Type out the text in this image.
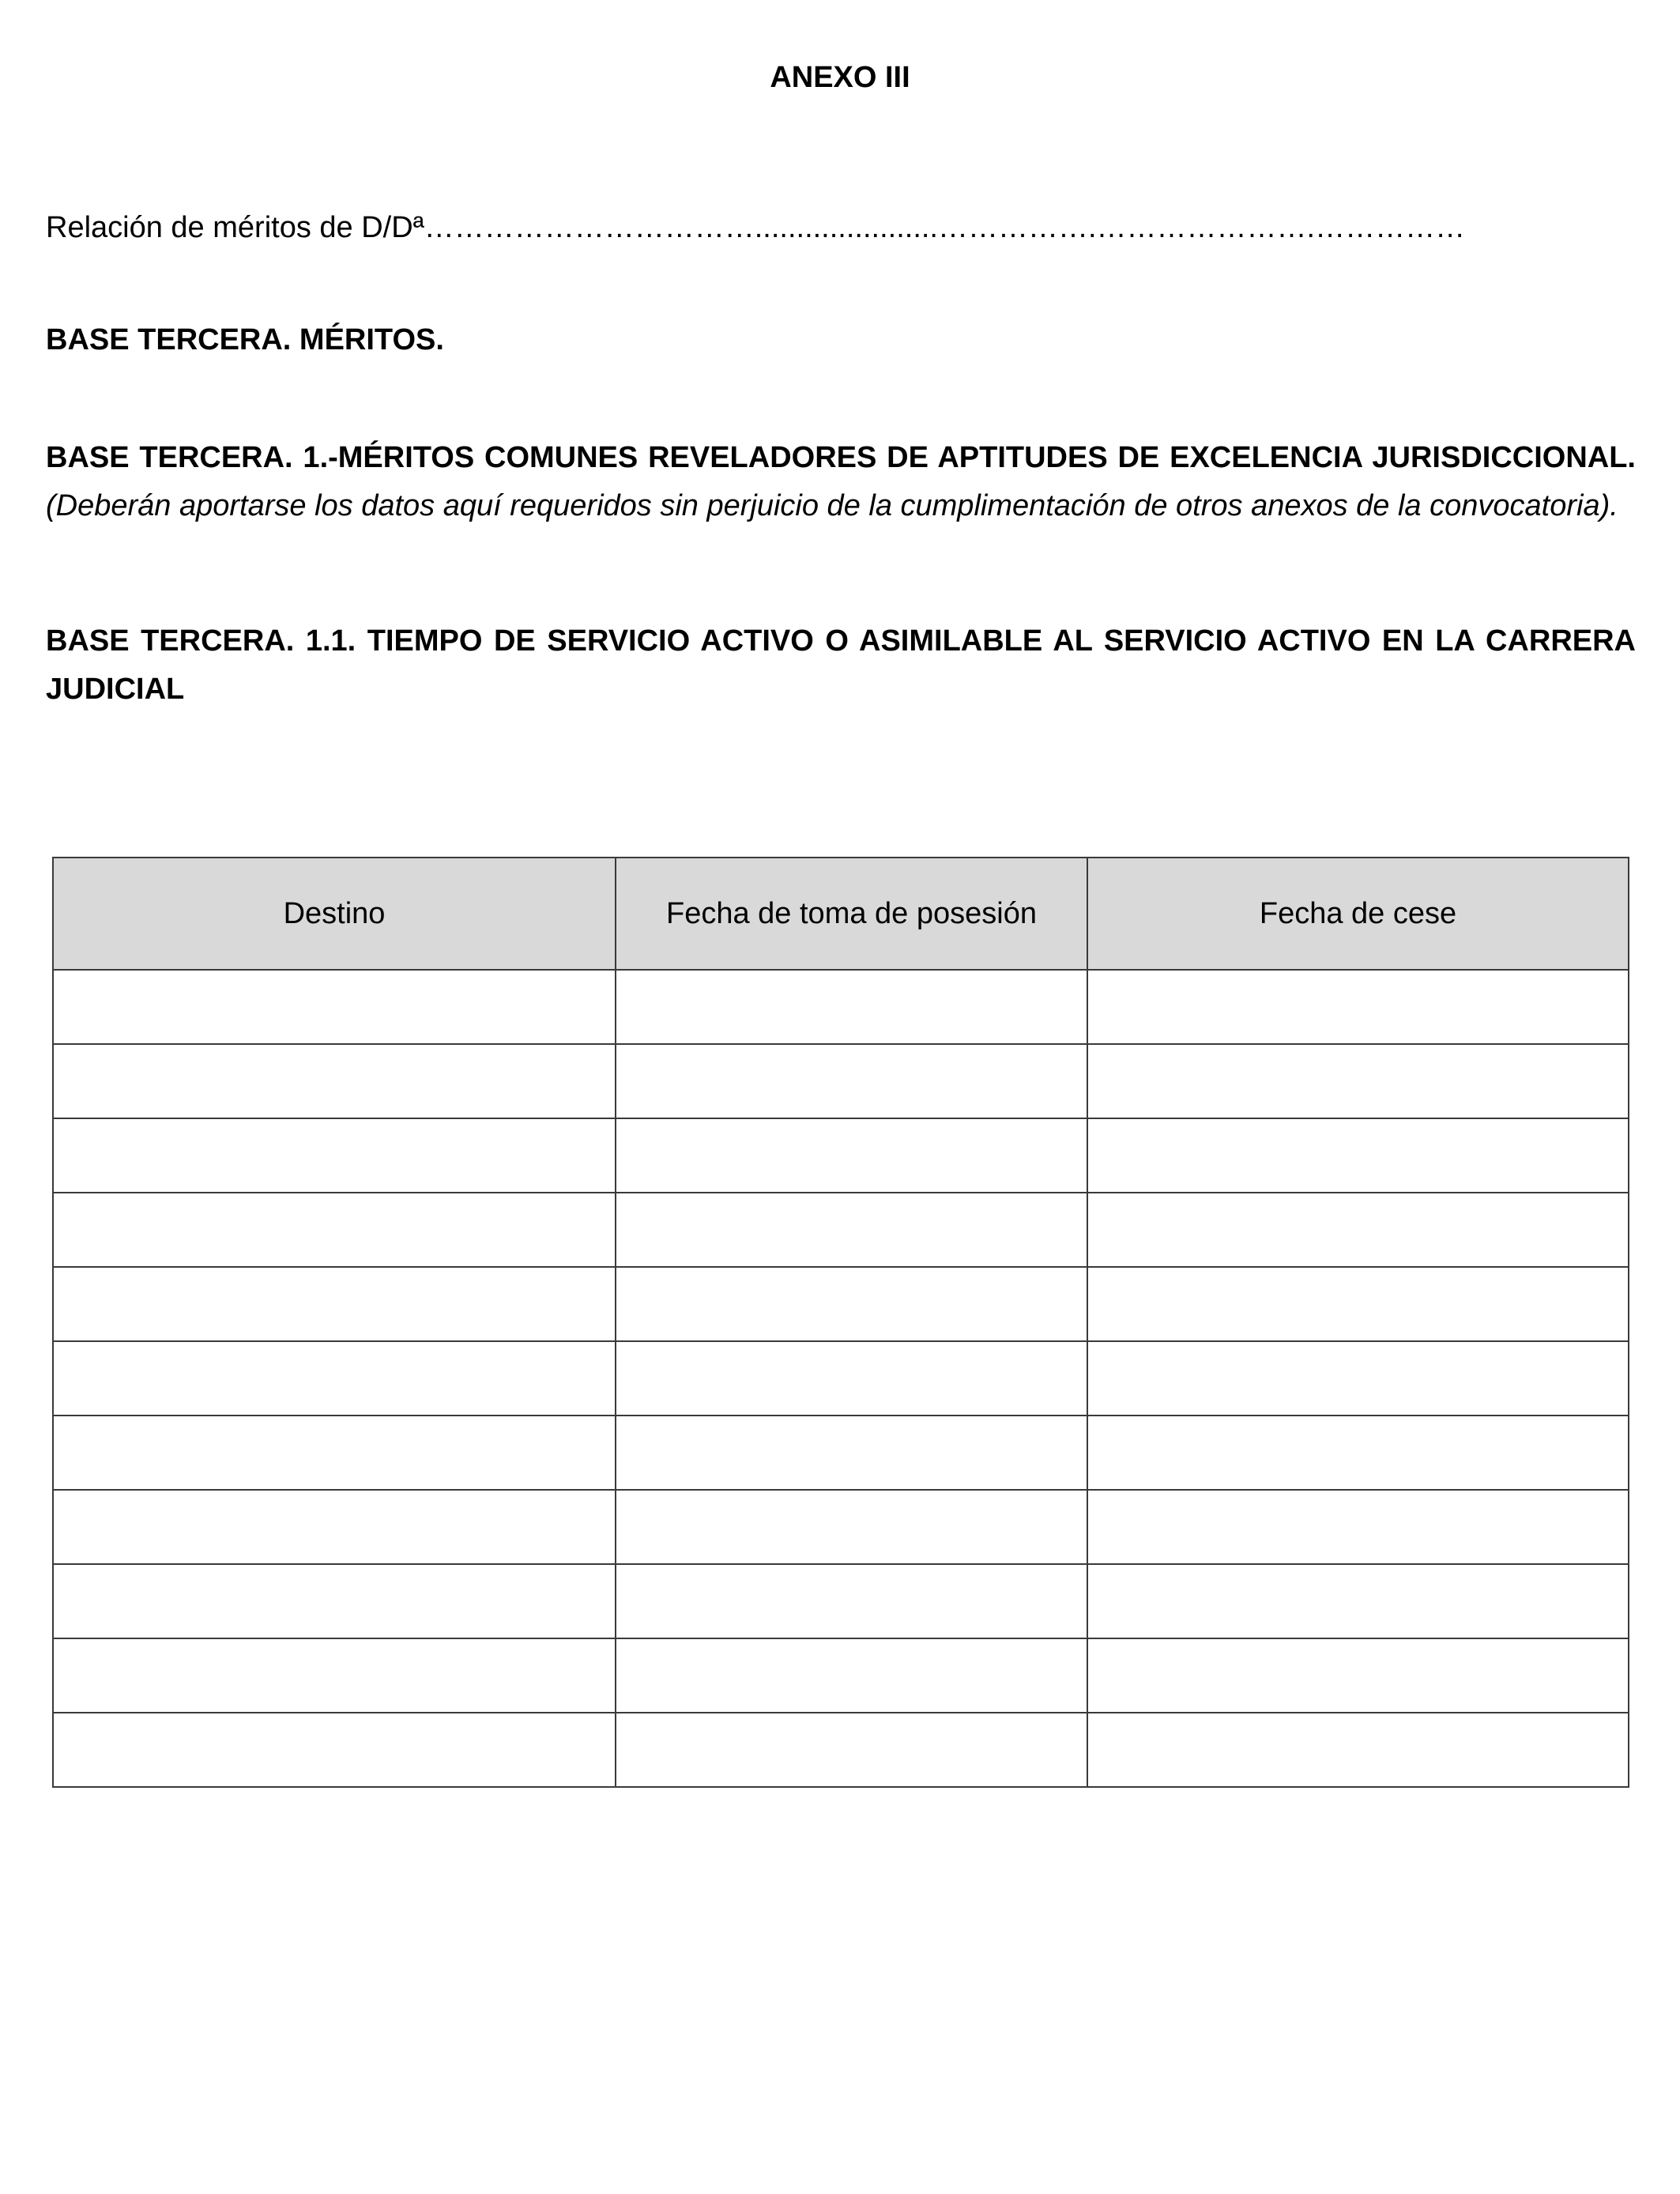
ANEXO III
Relación de méritos de D/Dª……………………………......................…………….………………….……………
BASE TERCERA. MÉRITOS.
BASE TERCERA. 1.-MÉRITOS COMUNES REVELADORES DE APTITUDES DE EXCELENCIA JURISDICCIONAL. (Deberán aportarse los datos aquí requeridos sin perjuicio de la cumplimentación de otros anexos de la convocatoria).
BASE TERCERA. 1.1. TIEMPO DE SERVICIO ACTIVO O ASIMILABLE AL SERVICIO ACTIVO EN LA CARRERA JUDICIAL
Destino	Fecha de toma de posesión	Fecha de cese
